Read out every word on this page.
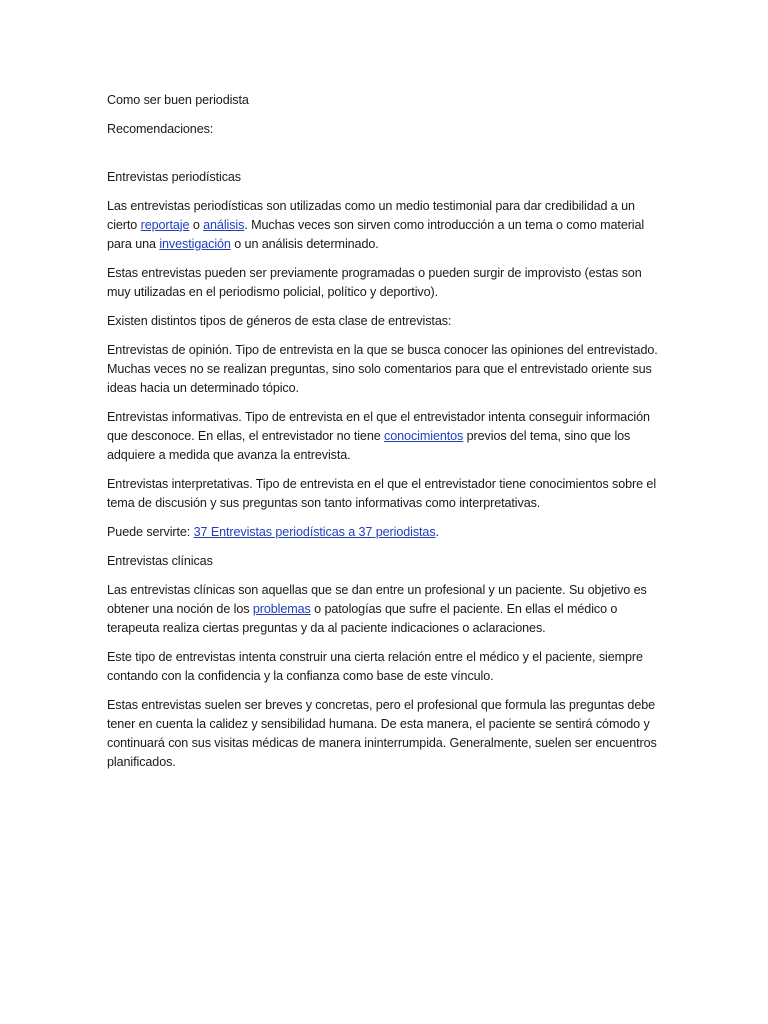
Como ser buen periodista

Recomendaciones:

Entrevistas periodísticas

Las entrevistas periodísticas son utilizadas como un medio testimonial para dar credibilidad a un cierto reportaje o análisis. Muchas veces son sirven como introducción a un tema o como material para una investigación o un análisis determinado.

Estas entrevistas pueden ser previamente programadas o pueden surgir de improvisto (estas son muy utilizadas en el periodismo policial, político y deportivo).

Existen distintos tipos de géneros de esta clase de entrevistas:

Entrevistas de opinión. Tipo de entrevista en la que se busca conocer las opiniones del entrevistado. Muchas veces no se realizan preguntas, sino solo comentarios para que el entrevistado oriente sus ideas hacia un determinado tópico.

Entrevistas informativas. Tipo de entrevista en el que el entrevistador intenta conseguir información que desconoce. En ellas, el entrevistador no tiene conocimientos previos del tema, sino que los adquiere a medida que avanza la entrevista.

Entrevistas interpretativas. Tipo de entrevista en el que el entrevistador tiene conocimientos sobre el tema de discusión y sus preguntas son tanto informativas como interpretativas.

Puede servirte: 37 Entrevistas periodísticas a 37 periodistas.

Entrevistas clínicas

Las entrevistas clínicas son aquellas que se dan entre un profesional y un paciente. Su objetivo es obtener una noción de los problemas o patologías que sufre el paciente. En ellas el médico o terapeuta realiza ciertas preguntas y da al paciente indicaciones o aclaraciones.

Este tipo de entrevistas intenta construir una cierta relación entre el médico y el paciente, siempre contando con la confidencia y la confianza como base de este vínculo.

Estas entrevistas suelen ser breves y concretas, pero el profesional que formula las preguntas debe tener en cuenta la calidez y sensibilidad humana. De esta manera, el paciente se sentirá cómodo y continuará con sus visitas médicas de manera ininterrumpida. Generalmente, suelen ser encuentros planificados.
